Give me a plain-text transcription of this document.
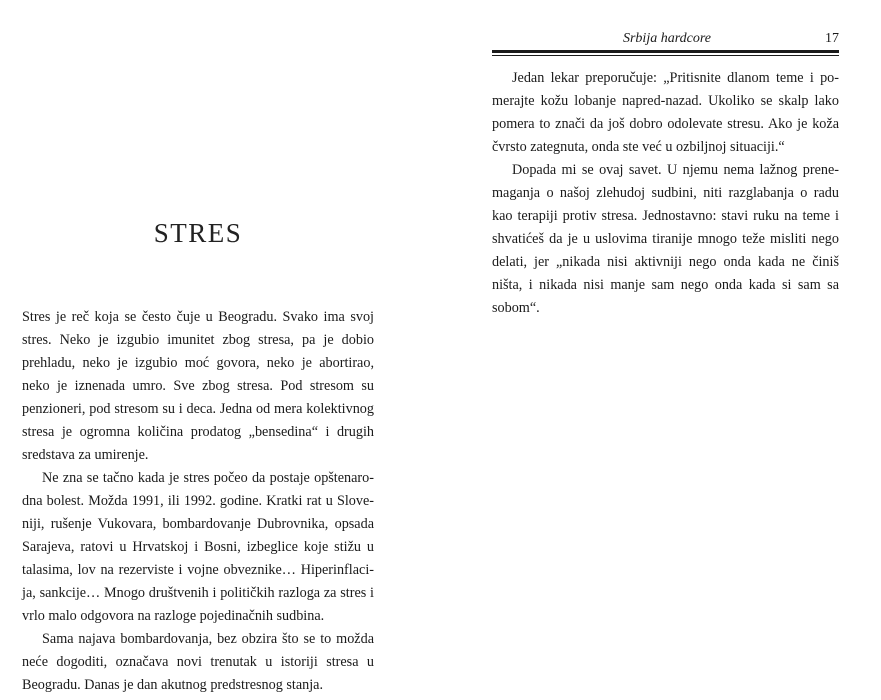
STRES

Stres je reč koja se često čuje u Beogradu. Svako ima svoj stres. Neko je izgubio imunitet zbog stresa, pa je dobio prehladu, neko je izgubio moć govora, neko je abortirao, neko je iznenada umro. Sve zbog stresa. Pod stresom su penzioneri, pod stresom su i deca. Jedna od mera kolektivnog stresa je ogromna količina prodatog „bensedina“ i drugih sredstava za umirenje.

Ne zna se tačno kada je stres počeo da postaje opštenarodna bolest. Možda 1991, ili 1992. godine. Kratki rat u Sloveniji, rušenje Vukovara, bombardovanje Dubrovnika, opsada Sarajeva, ratovi u Hrvatskoj i Bosni, izbeglice koje stižu u talasima, lov na rezerviste i vojne obveznike… Hiperinflacija, sankcije… Mnogo društvenih i političkih razloga za stres i vrlo malo odgovora na razloge pojedinačnih sudbina.

Sama najava bombardovanja, bez obzira što se to možda neće dogoditi, označava novi trenutak u istoriji stresa u Beogradu. Danas je dan akutnog predstresnog stanja.

Srbija hardcore	17

Jedan lekar preporučuje: „Pritisnite dlanom teme i pomerajte kožu lobanje napred-nazad. Ukoliko se skalp lako pomera to znači da još dobro odolevate stresu. Ako je koža čvrsto zategnuta, onda ste već u ozbiljnoj situaciji.“

Dopada mi se ovaj savet. U njemu nema lažnog prenemaganja o našoj zlehudoj sudbini, niti razglabanja o radu kao terapiji protiv stresa. Jednostavno: stavi ruku na teme i shvatićeš da je u uslovima tiranije mnogo teže misliti nego delati, jer „nikada nisi aktivniji nego onda kada ne činiš ništa, i nikada nisi manje sam nego onda kada si sam sa sobom“.
